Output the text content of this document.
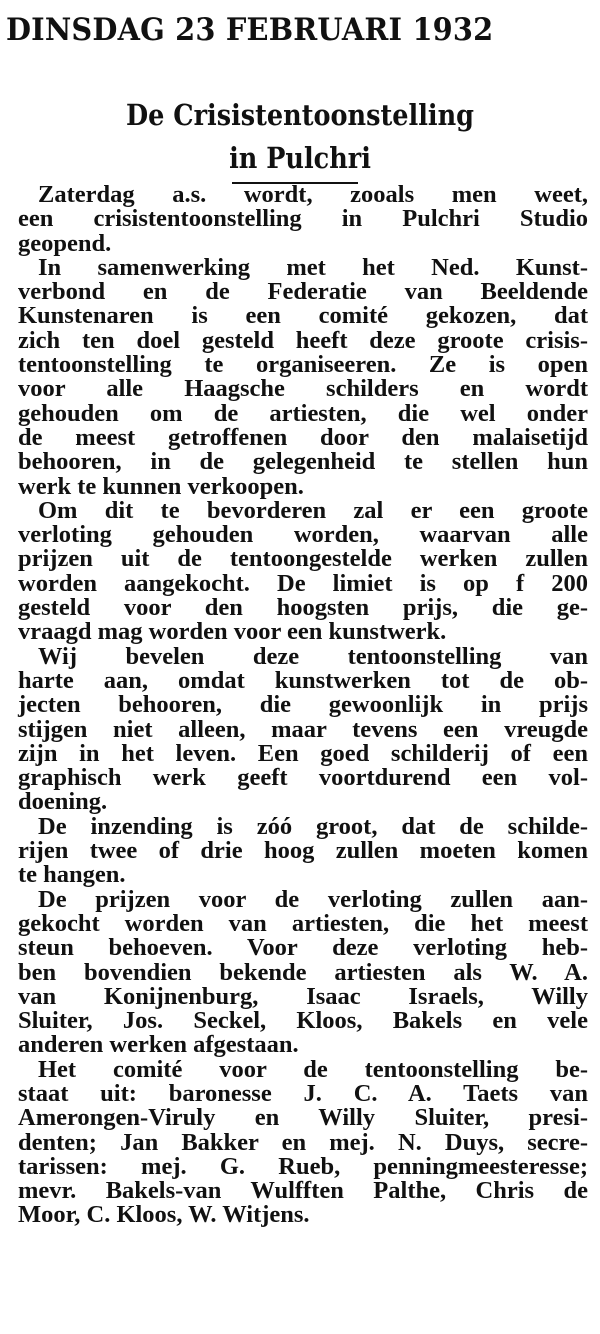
DINSDAG 23 FEBRUARI 1932
De Crisistentoonstelling
in Pulchri
Zaterdag a.s. wordt, zooals men weet,
een crisistentoonstelling in Pulchri Studio
geopend.
In samenwerking met het Ned. Kunst-
verbond en de Federatie van Beeldende
Kunstenaren is een comité gekozen, dat
zich ten doel gesteld heeft deze groote crisis-
tentoonstelling te organiseeren. Ze is open
voor alle Haagsche schilders en wordt
gehouden om de artiesten, die wel onder
de meest getroffenen door den malaisetijd
behooren, in de gelegenheid te stellen hun
werk te kunnen verkoopen.
Om dit te bevorderen zal er een groote
verloting gehouden worden, waarvan alle
prijzen uit de tentoongestelde werken zullen
worden aangekocht. De limiet is op f 200
gesteld voor den hoogsten prijs, die ge-
vraagd mag worden voor een kunstwerk.
Wij bevelen deze tentoonstelling van
harte aan, omdat kunstwerken tot de ob-
jecten behooren, die gewoonlijk in prijs
stijgen niet alleen, maar tevens een vreugde
zijn in het leven. Een goed schilderij of een
graphisch werk geeft voortdurend een vol-
doening.
De inzending is zóó groot, dat de schilde-
rijen twee of drie hoog zullen moeten komen
te hangen.
De prijzen voor de verloting zullen aan-
gekocht worden van artiesten, die het meest
steun behoeven. Voor deze verloting heb-
ben bovendien bekende artiesten als W. A.
van Konijnenburg, Isaac Israels, Willy
Sluiter, Jos. Seckel, Kloos, Bakels en vele
anderen werken afgestaan.
Het comité voor de tentoonstelling be-
staat uit: baronesse J. C. A. Taets van
Amerongen-Viruly en Willy Sluiter, presi-
denten; Jan Bakker en mej. N. Duys, secre-
tarissen: mej. G. Rueb, penningmeesteresse;
mevr. Bakels-van Wulfften Palthe, Chris de
Moor, C. Kloos, W. Witjens.
